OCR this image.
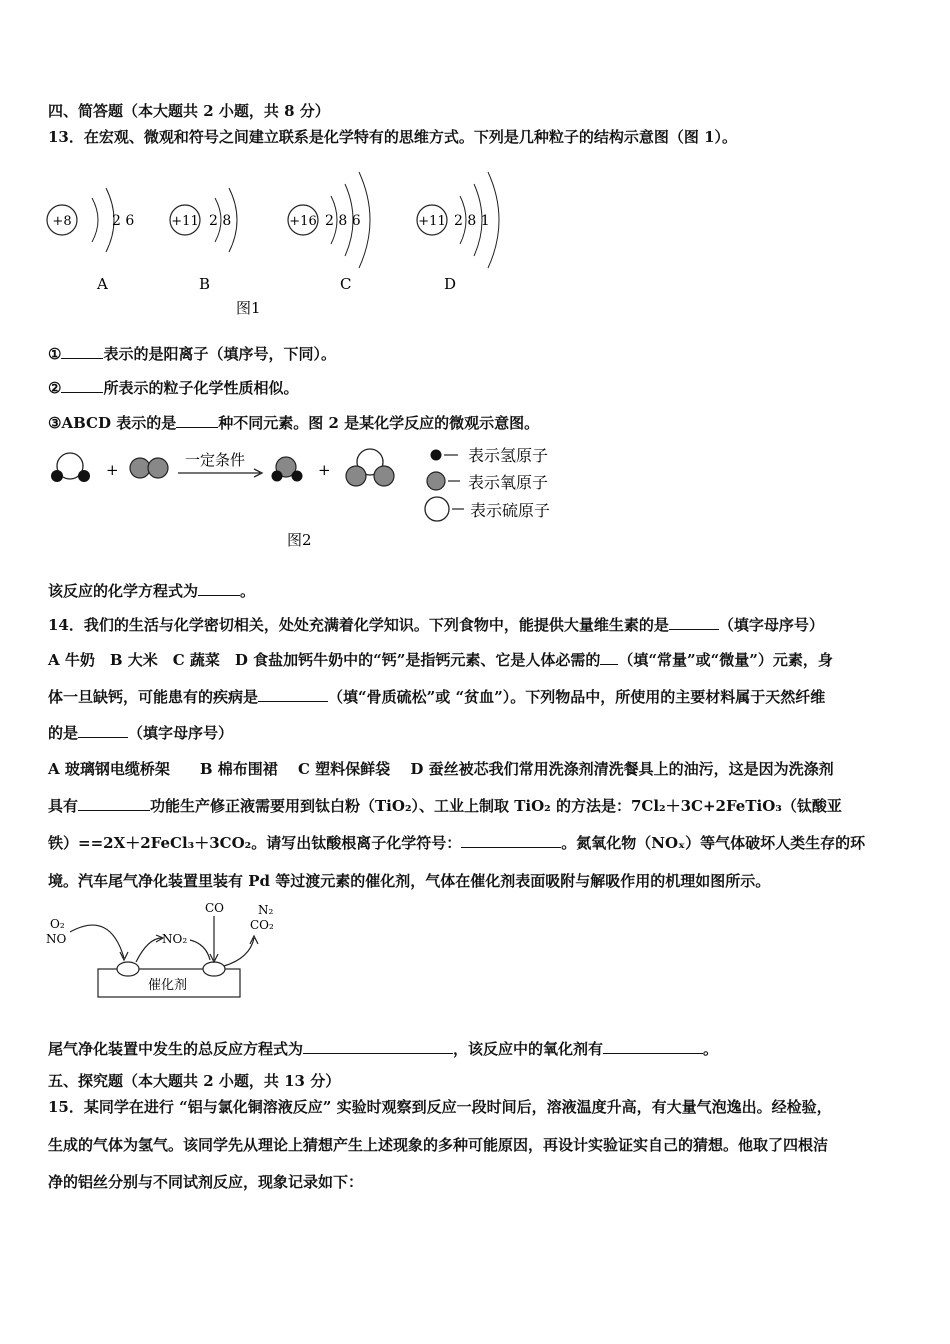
四、简答题（本大题共 2 小题，共 8 分）
13．在宏观、微观和符号之间建立联系是化学特有的思维方式。下列是几种粒子的结构示意图（图 1）。
+8	2 6
A
+11 2 8
B
+16 2 8 6
C
+11 2 8 1
D
图1
①	表示的是阳离子（填序号，下同）。
②	所表示的粒子化学性质相似。
③ABCD 表示的是	种不同元素。图 2 是某化学反应的微观示意图。
+
一定条件
+
表示氢原子
表示氧原子
表示硫原子
图2
该反应的化学方程式为	。
14．我们的生活与化学密切相关，处处充满着化学知识。下列食物中，能提供大量维生素的是	（填字母序号）
A 牛奶　B 大米　C 蔬菜　D 食盐加钙牛奶中的“钙”是指钙元素、它是人体必需的 （填“常量”或“微量”）元素，身
体一旦缺钙，可能患有的疾病是	（填“骨质硫松”或 “贫血”）。下列物品中，所使用的主要材料属于天然纤维
的是	（填字母序号）
A 玻璃钢电缆桥架　　B 棉布围裙　 C 塑料保鲜袋　 D 蚕丝被芯我们常用洗涤剂清洗餐具上的油污，这是因为洗涤剂
具有	功能生产修正液需要用到钛白粉（TiO₂）、工业上制取 TiO₂ 的方法是：7Cl₂＋3C+2FeTiO₃（钛酸亚
铁）==2X＋2FeCl₃＋3CO₂。请写出钛酸根离子化学符号：	。氮氧化物（NOₓ）等气体破坏人类生存的环
境。汽车尾气净化装置里装有 Pd 等过渡元素的催化剂，气体在催化剂表面吸附与解吸作用的机理如图所示。
O₂
NO
催化剂
NO₂
CO	N₂
CO₂
尾气净化装置中发生的总反应方程式为	，该反应中的氧化剂有	。
五、探究题（本大题共 2 小题，共 13 分）
15．某同学在进行 “铝与氯化铜溶液反应” 实验时观察到反应一段时间后，溶液温度升高，有大量气泡逸出。经检验，
生成的气体为氢气。该同学先从理论上猜想产生上述现象的多种可能原因，再设计实验证实自己的猜想。他取了四根洁
净的铝丝分别与不同试剂反应，现象记录如下：
